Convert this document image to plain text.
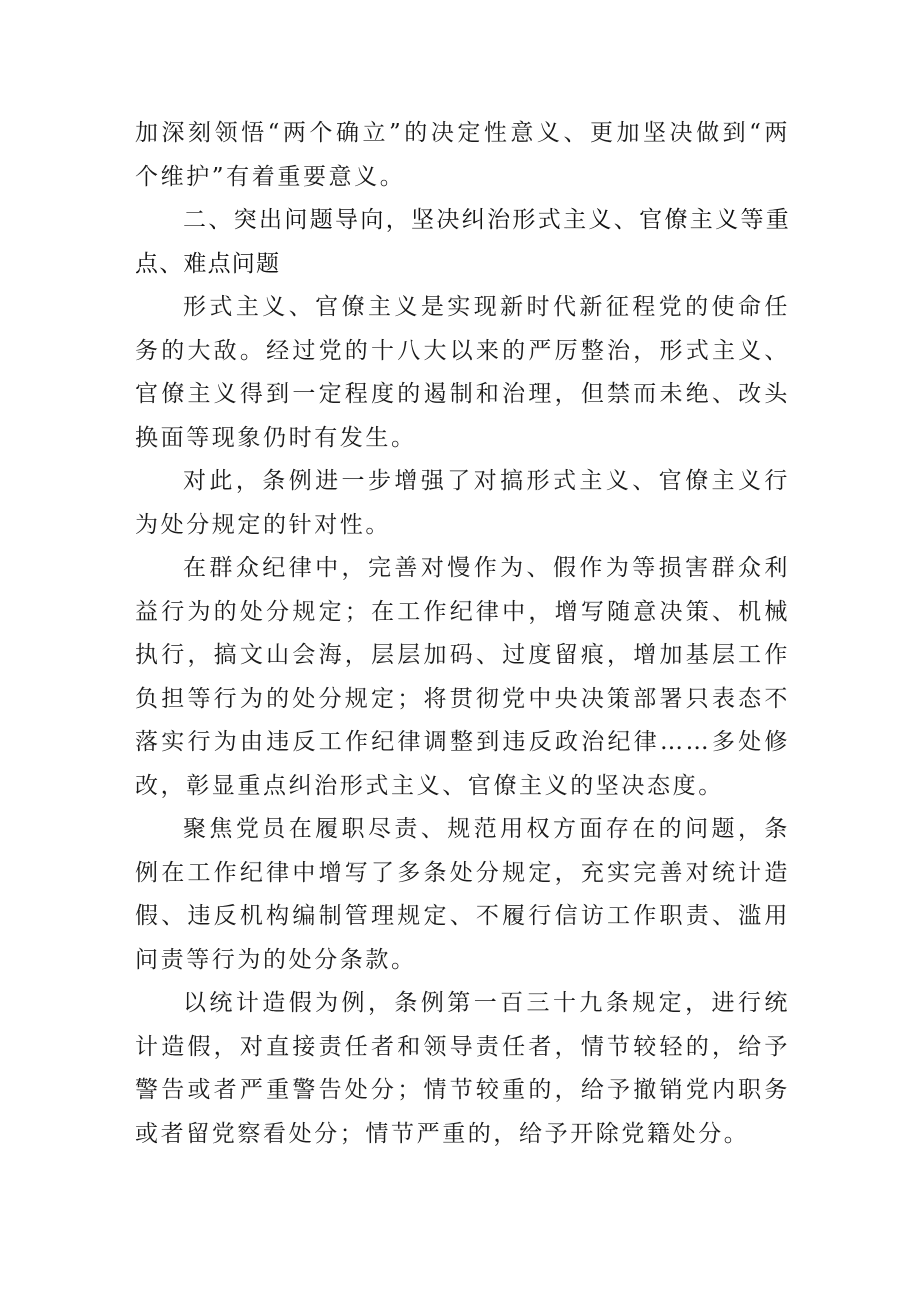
加深刻领悟“两个确立”的决定性意义、更加坚决做到“两个维护”有着重要意义。

二、突出问题导向，坚决纠治形式主义、官僚主义等重点、难点问题

形式主义、官僚主义是实现新时代新征程党的使命任务的大敌。经过党的十八大以来的严厉整治，形式主义、官僚主义得到一定程度的遏制和治理，但禁而未绝、改头换面等现象仍时有发生。

对此，条例进一步增强了对搞形式主义、官僚主义行为处分规定的针对性。

在群众纪律中，完善对慢作为、假作为等损害群众利益行为的处分规定；在工作纪律中，增写随意决策、机械执行，搞文山会海，层层加码、过度留痕，增加基层工作负担等行为的处分规定；将贯彻党中央决策部署只表态不落实行为由违反工作纪律调整到违反政治纪律……多处修改，彰显重点纠治形式主义、官僚主义的坚决态度。

聚焦党员在履职尽责、规范用权方面存在的问题，条例在工作纪律中增写了多条处分规定，充实完善对统计造假、违反机构编制管理规定、不履行信访工作职责、滥用问责等行为的处分条款。

以统计造假为例，条例第一百三十九条规定，进行统计造假，对直接责任者和领导责任者，情节较轻的，给予警告或者严重警告处分；情节较重的，给予撤销党内职务或者留党察看处分；情节严重的，给予开除党籍处分。
